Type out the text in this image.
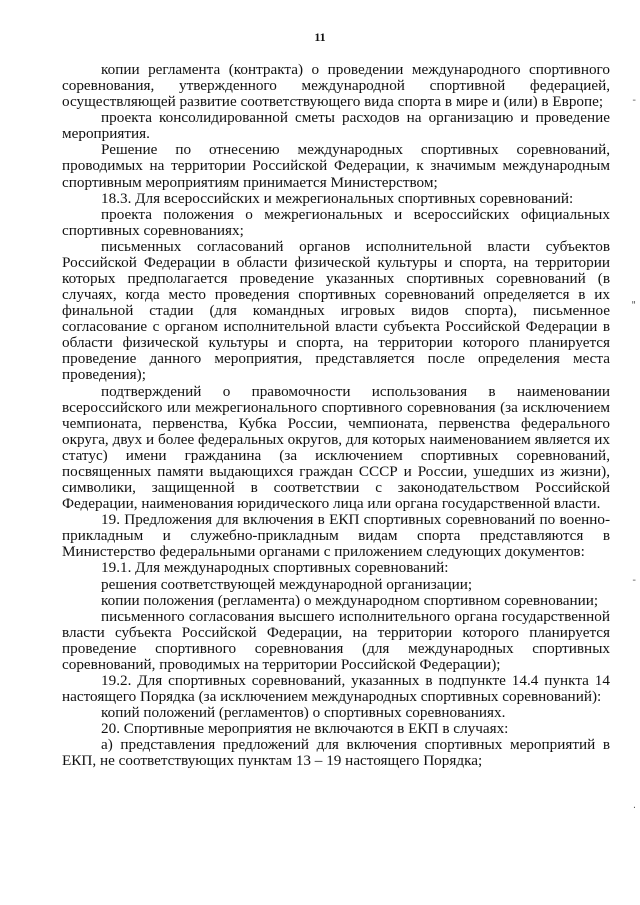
11

копии регламента (контракта) о проведении международного спортивного соревнования, утвержденного международной спортивной федерацией, осуществляющей развитие соответствующего вида спорта в мире и (или) в Европе;

проекта консолидированной сметы расходов на организацию и проведение мероприятия.

Решение по отнесению международных спортивных соревнований, проводимых на территории Российской Федерации, к значимым международным спортивным мероприятиям принимается Министерством;

18.3. Для всероссийских и межрегиональных спортивных соревнований:

проекта положения о межрегиональных и всероссийских официальных спортивных соревнованиях;

письменных согласований органов исполнительной власти субъектов Российской Федерации в области физической культуры и спорта, на территории которых предполагается проведение указанных спортивных соревнований (в случаях, когда место проведения спортивных соревнований определяется в их финальной стадии (для командных игровых видов спорта), письменное согласование с органом исполнительной власти субъекта Российской Федерации в области физической культуры и спорта, на территории которого планируется проведение данного мероприятия, представляется после определения места проведения);

подтверждений о правомочности использования в наименовании всероссийского или межрегионального спортивного соревнования (за исключением чемпионата, первенства, Кубка России, чемпионата, первенства федерального округа, двух и более федеральных округов, для которых наименованием является их статус) имени гражданина (за исключением спортивных соревнований, посвященных памяти выдающихся граждан СССР и России, ушедших из жизни), символики, защищенной в соответствии с законодательством Российской Федерации, наименования юридического лица или органа государственной власти.

19. Предложения для включения в ЕКП спортивных соревнований по военно-прикладным и служебно-прикладным видам спорта представляются в Министерство федеральными органами с приложением следующих документов:

19.1. Для международных спортивных соревнований:

решения соответствующей международной организации;

копии положения (регламента) о международном спортивном соревновании;

письменного согласования высшего исполнительного органа государственной власти субъекта Российской Федерации, на территории которого планируется проведение спортивного соревнования (для международных спортивных соревнований, проводимых на территории Российской Федерации);

19.2. Для спортивных соревнований, указанных в подпункте 14.4 пункта 14 настоящего Порядка (за исключением международных спортивных соревнований):

копий положений (регламентов) о спортивных соревнованиях.

20. Спортивные мероприятия не включаются в ЕКП в случаях:

а) представления предложений для включения спортивных мероприятий в ЕКП, не соответствующих пунктам 13 – 19 настоящего Порядка;

-
"
-
.
